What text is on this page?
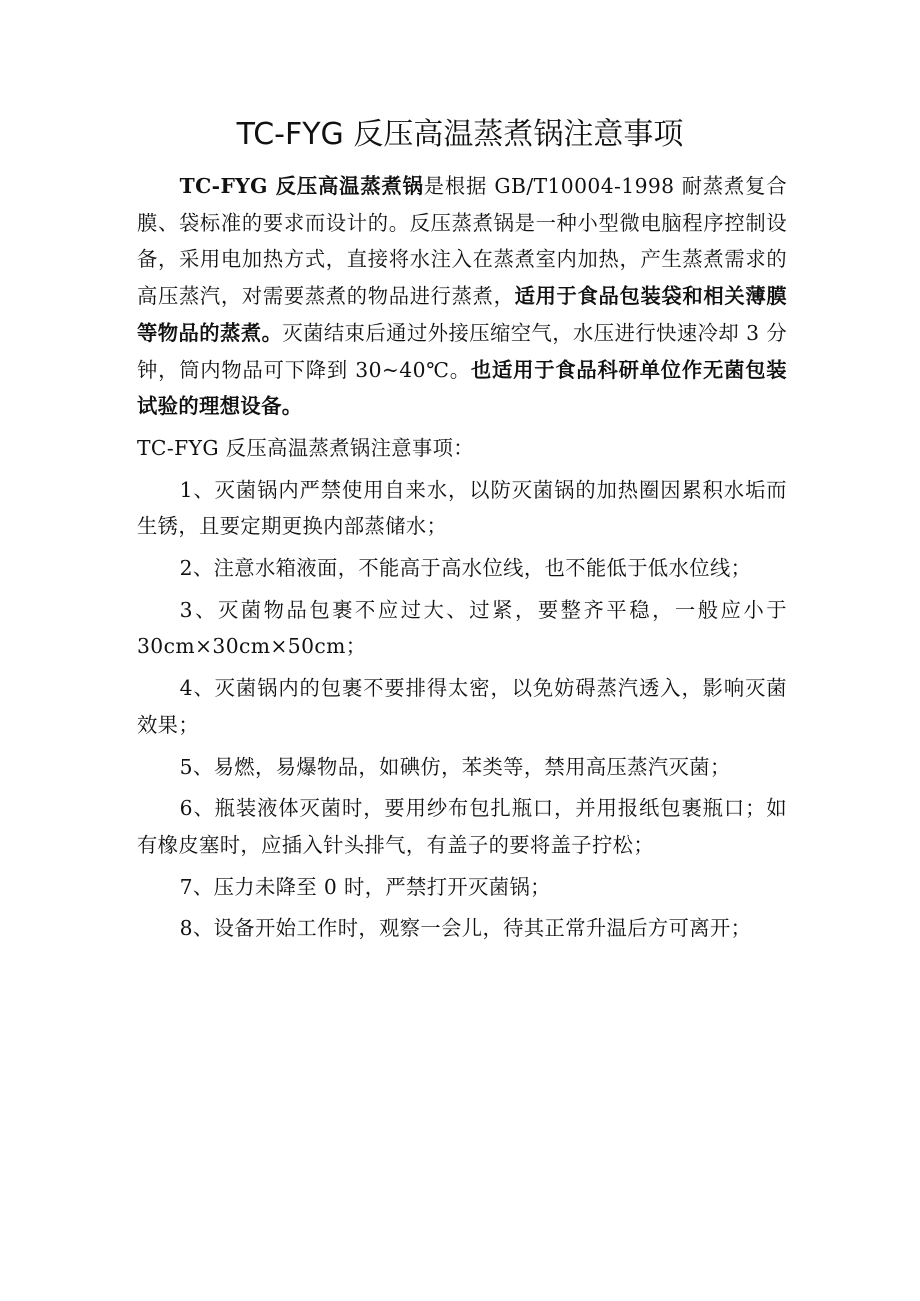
TC-FYG 反压高温蒸煮锅注意事项

TC-FYG 反压高温蒸煮锅是根据 GB/T10004-1998 耐蒸煮复合膜、袋标准的要求而设计的。反压蒸煮锅是一种小型微电脑程序控制设备，采用电加热方式，直接将水注入在蒸煮室内加热，产生蒸煮需求的高压蒸汽，对需要蒸煮的物品进行蒸煮，适用于食品包装袋和相关薄膜等物品的蒸煮。灭菌结束后通过外接压缩空气，水压进行快速冷却 3 分钟，筒内物品可下降到 30~40℃。也适用于食品科研单位作无菌包装试验的理想设备。

TC-FYG 反压高温蒸煮锅注意事项：

1、灭菌锅内严禁使用自来水，以防灭菌锅的加热圈因累积水垢而生锈，且要定期更换内部蒸储水；

2、注意水箱液面，不能高于高水位线，也不能低于低水位线；

3、灭菌物品包裹不应过大、过紧，要整齐平稳，一般应小于 30cm×30cm×50cm；

4、灭菌锅内的包裹不要排得太密，以免妨碍蒸汽透入，影响灭菌效果；

5、易燃，易爆物品，如碘仿，苯类等，禁用高压蒸汽灭菌；

6、瓶装液体灭菌时，要用纱布包扎瓶口，并用报纸包裹瓶口；如有橡皮塞时，应插入针头排气，有盖子的要将盖子拧松；

7、压力未降至 0 时，严禁打开灭菌锅；

8、设备开始工作时，观察一会儿，待其正常升温后方可离开；
